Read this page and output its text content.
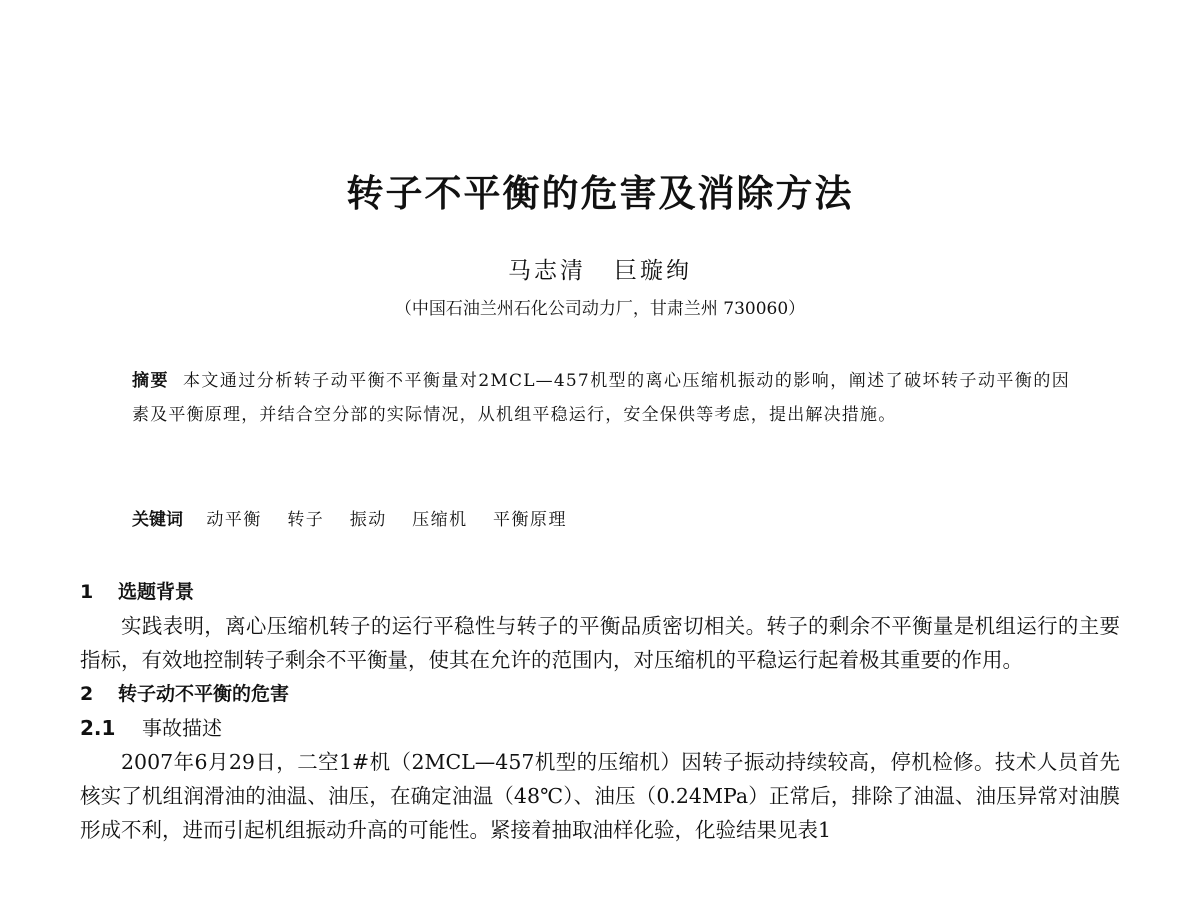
转子不平衡的危害及消除方法
马志清 巨璇绚
（中国石油兰州石化公司动力厂，甘肃兰州 730060）
摘要 本文通过分析转子动平衡不平衡量对2MCL—457机型的离心压缩机振动的影响，阐述了破坏转子动平衡的因素及平衡原理，并结合空分部的实际情况，从机组平稳运行，安全保供等考虑，提出解决措施。
关键词 动平衡 转子 振动 压缩机 平衡原理
1 选题背景

实践表明，离心压缩机转子的运行平稳性与转子的平衡品质密切相关。转子的剩余不平衡量是机组运行的主要指标，有效地控制转子剩余不平衡量，使其在允许的范围内，对压缩机的平稳运行起着极其重要的作用。

2 转子动不平衡的危害
2.1 事故描述

2007年6月29日，二空1#机（2MCL—457机型的压缩机）因转子振动持续较高，停机检修。技术人员首先核实了机组润滑油的油温、油压，在确定油温（48℃）、油压（0.24MPa）正常后，排除了油温、油压异常对油膜形成不利，进而引起机组振动升高的可能性。紧接着抽取油样化验，化验结果见表1
